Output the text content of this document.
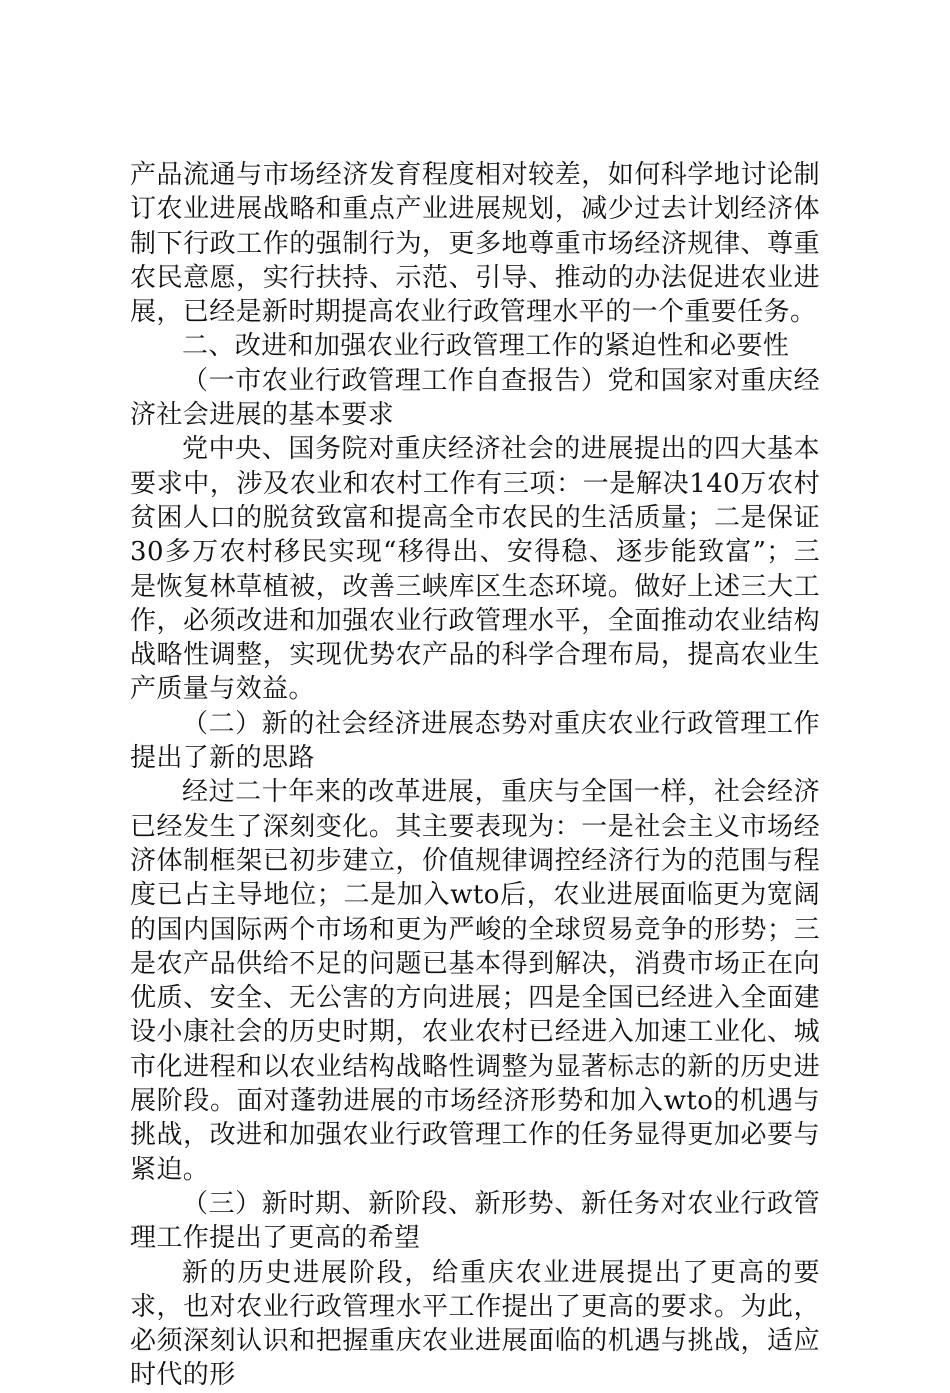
产品流通与市场经济发育程度相对较差，如何科学地讨论制订农业进展战略和重点产业进展规划，减少过去计划经济体制下行政工作的强制行为，更多地尊重市场经济规律、尊重农民意愿，实行扶持、示范、引导、推动的办法促进农业进展，已经是新时期提高农业行政管理水平的一个重要任务。

二、改进和加强农业行政管理工作的紧迫性和必要性

（一市农业行政管理工作自查报告）党和国家对重庆经济社会进展的基本要求

党中央、国务院对重庆经济社会的进展提出的四大基本要求中，涉及农业和农村工作有三项：一是解决140万农村贫困人口的脱贫致富和提高全市农民的生活质量；二是保证30多万农村移民实现“移得出、安得稳、逐步能致富”；三是恢复林草植被，改善三峡库区生态环境。做好上述三大工作，必须改进和加强农业行政管理水平，全面推动农业结构战略性调整，实现优势农产品的科学合理布局，提高农业生产质量与效益。

（二）新的社会经济进展态势对重庆农业行政管理工作提出了新的思路

经过二十年来的改革进展，重庆与全国一样，社会经济已经发生了深刻变化。其主要表现为：一是社会主义市场经济体制框架已初步建立，价值规律调控经济行为的范围与程度已占主导地位；二是加入wto后，农业进展面临更为宽阔的国内国际两个市场和更为严峻的全球贸易竞争的形势；三是农产品供给不足的问题已基本得到解决，消费市场正在向优质、安全、无公害的方向进展；四是全国已经进入全面建设小康社会的历史时期，农业农村已经进入加速工业化、城市化进程和以农业结构战略性调整为显著标志的新的历史进展阶段。面对蓬勃进展的市场经济形势和加入wto的机遇与挑战，改进和加强农业行政管理工作的任务显得更加必要与紧迫。

（三）新时期、新阶段、新形势、新任务对农业行政管理工作提出了更高的希望

新的历史进展阶段，给重庆农业进展提出了更高的要求，也对农业行政管理水平工作提出了更高的要求。为此，必须深刻认识和把握重庆农业进展面临的机遇与挑战，适应时代的形
